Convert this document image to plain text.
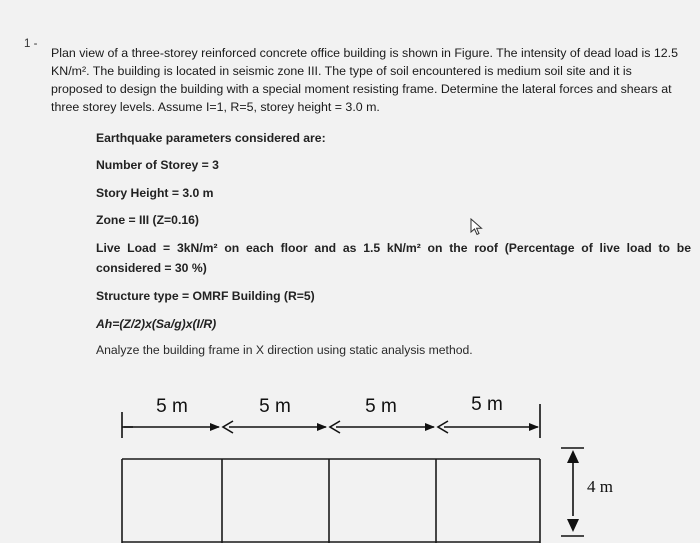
1 -
Plan view of a three-storey reinforced concrete office building is shown in Figure. The intensity of dead load is 12.5
KN/m². The building is located in seismic zone III. The type of soil encountered is medium soil site and it is
proposed to design the building with a special moment resisting frame. Determine the lateral forces and shears at
three storey levels. Assume I=1, R=5, storey height = 3.0 m.
Earthquake parameters considered are:
Number of Storey = 3
Story Height = 3.0 m
Zone = III (Z=0.16)
Live Load = 3kN/m² on each floor and as 1.5 kN/m² on the roof (Percentage of live load to be considered = 30 %)
Structure type = OMRF Building (R=5)
Ah=(Z/2)x(Sa/g)x(I/R)
Analyze the building frame in X direction using static analysis method.
5 m	5 m	5 m	5 m
4 m
